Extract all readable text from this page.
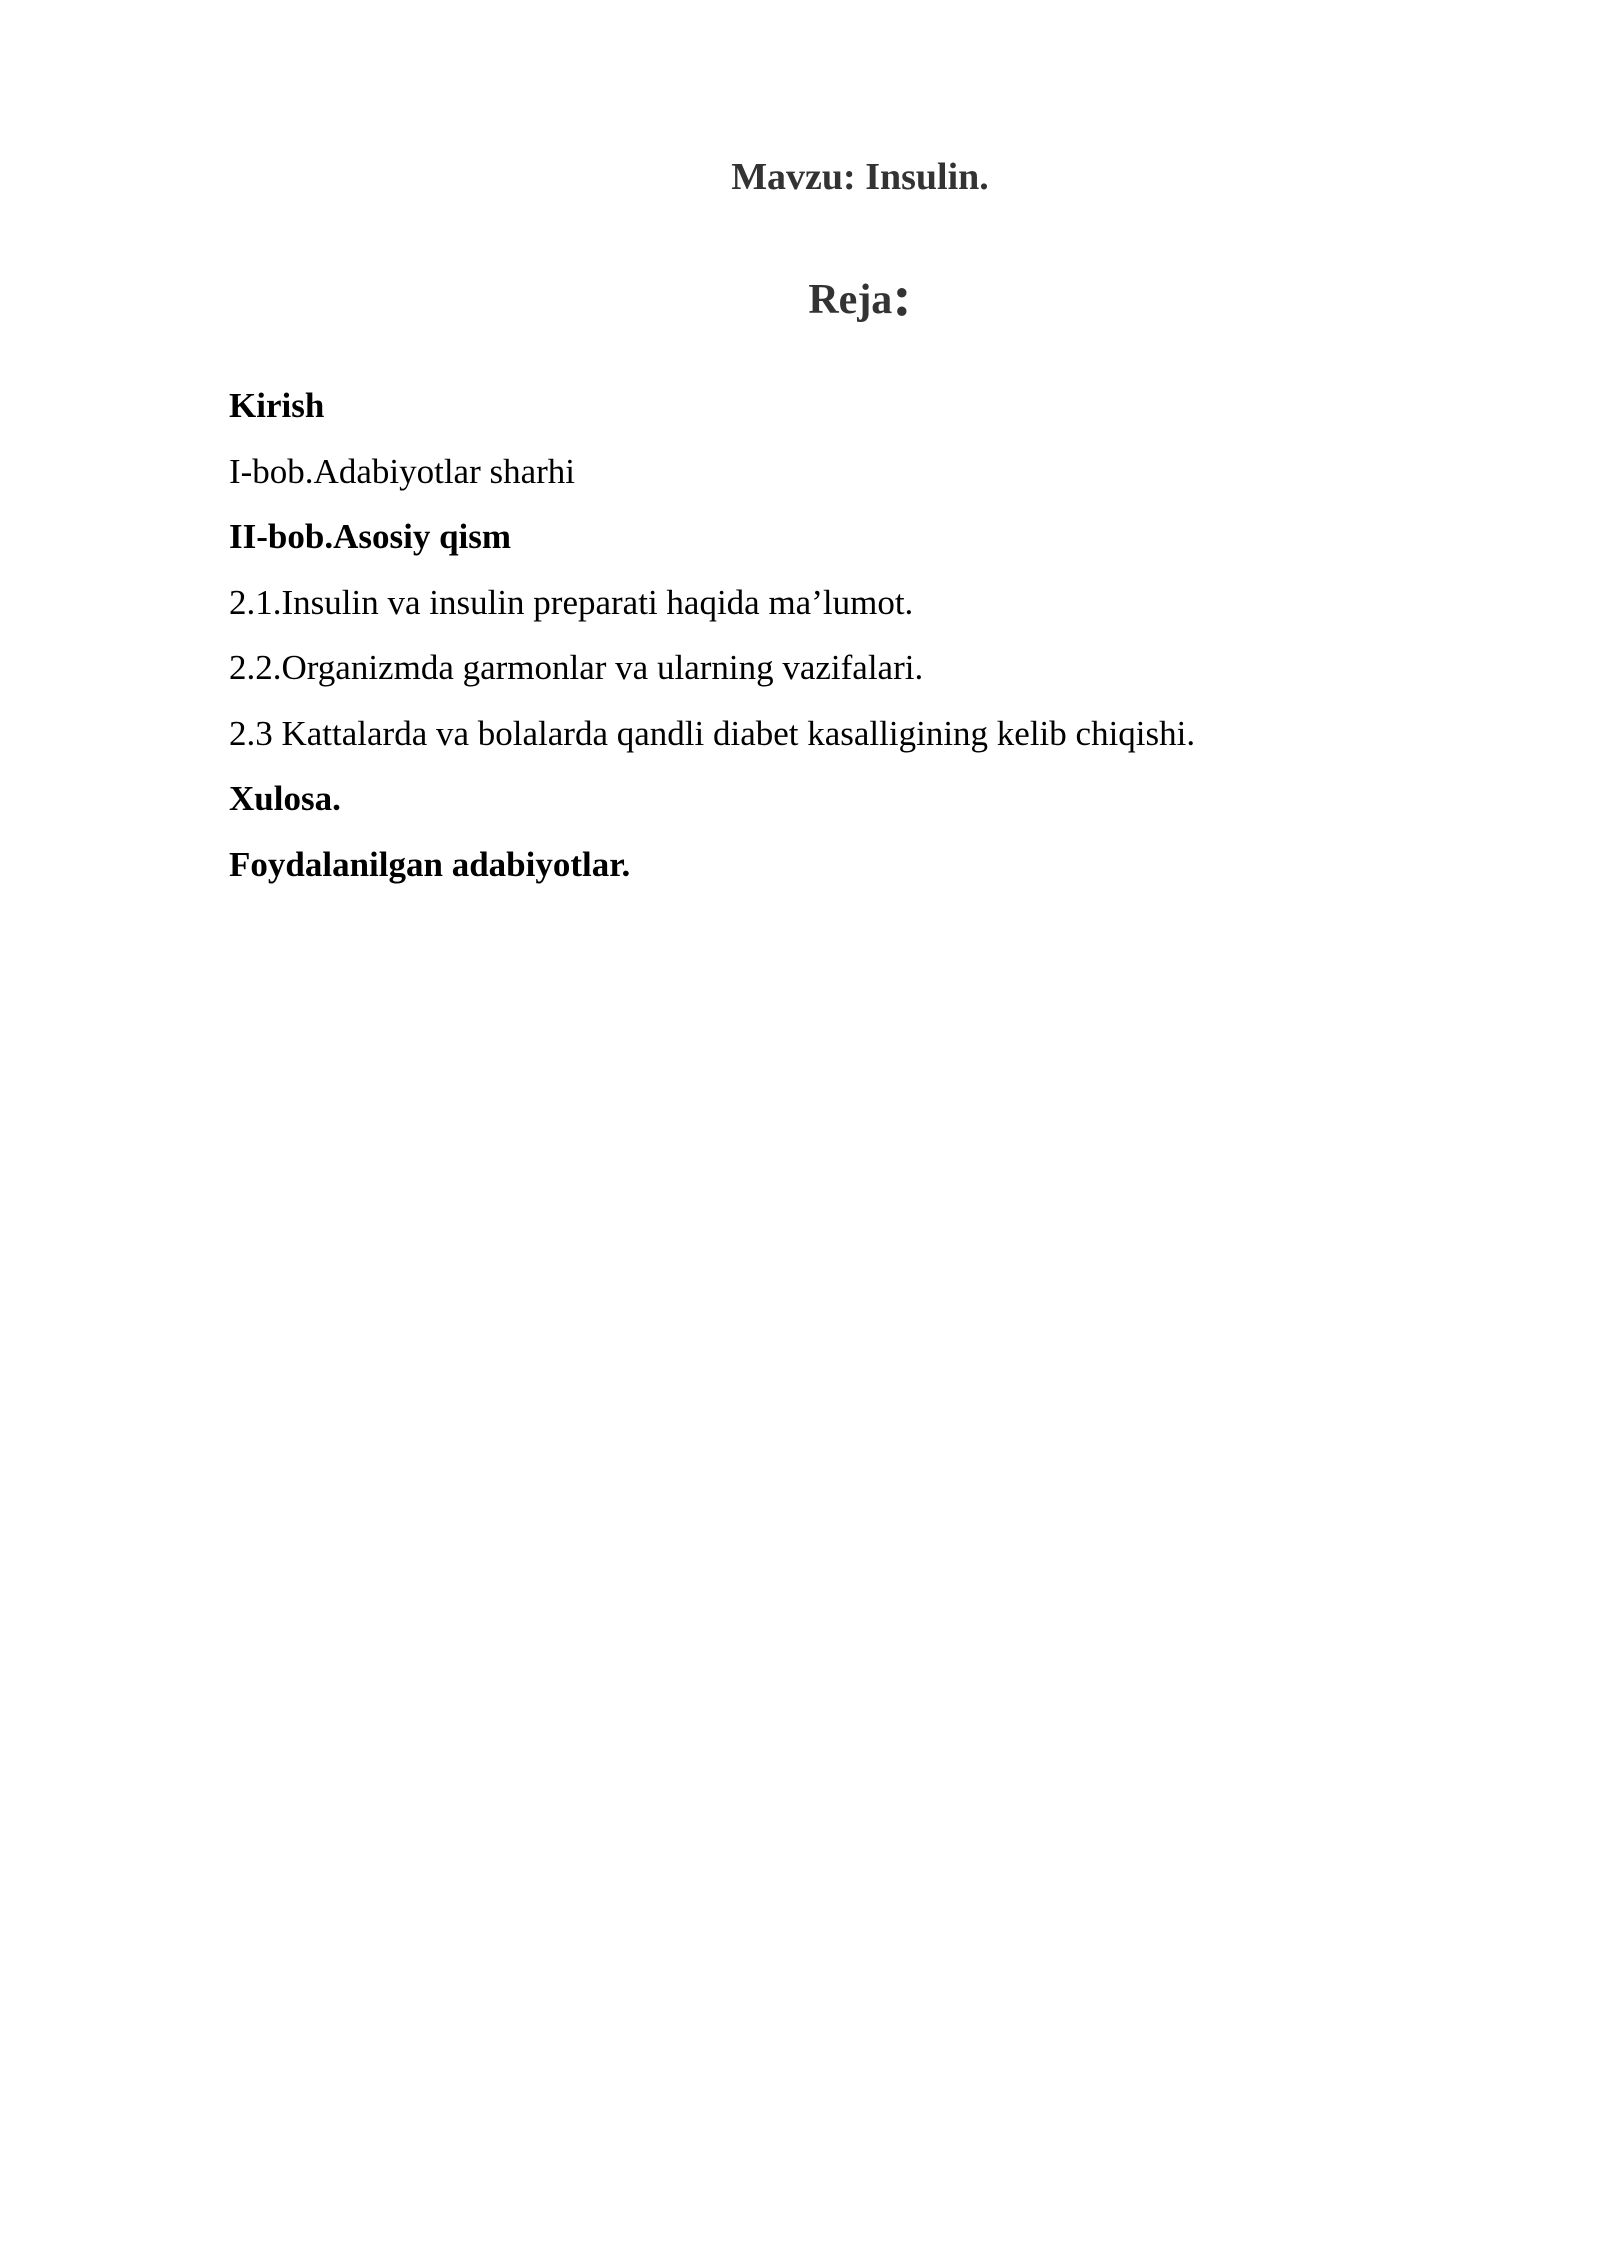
Mavzu: Insulin.
Reja:
Kirish
I-bob.Adabiyotlar sharhi
II-bob.Asosiy qism
2.1.Insulin va insulin preparati haqida ma’lumot.
2.2.Organizmda garmonlar va ularning vazifalari.
2.3 Kattalarda va bolalarda qandli diabet kasalligining kelib chiqishi.
Xulosa.
Foydalanilgan adabiyotlar.
